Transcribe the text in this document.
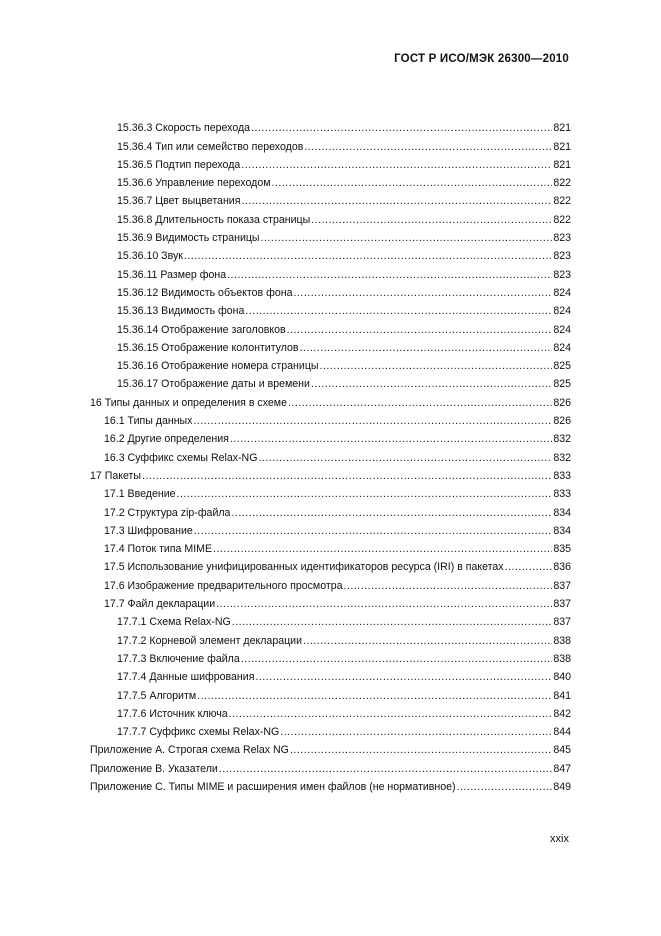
ГОСТ Р ИСО/МЭК 26300—2010
15.36.3 Скорость перехода .....	821
15.36.4 Тип или семейство переходов .....	821
15.36.5 Подтип перехода .....	821
15.36.6 Управление переходом .....	822
15.36.7 Цвет выцветания .....	822
15.36.8 Длительность показа страницы .....	822
15.36.9 Видимость страницы .....	823
15.36.10 Звук .....	823
15.36.11 Размер фона .....	823
15.36.12 Видимость объектов фона .....	824
15.36.13 Видимость фона .....	824
15.36.14 Отображение заголовков .....	824
15.36.15 Отображение колонтитулов .....	824
15.36.16 Отображение номера страницы .....	825
15.36.17 Отображение даты и времени .....	825
16 Типы данных и определения в схеме .....	826
16.1 Типы данных .....	826
16.2 Другие определения .....	832
16.3 Суффикс схемы Relax-NG .....	832
17 Пакеты .....	833
17.1 Введение .....	833
17.2 Структура zip-файла .....	834
17.3 Шифрование .....	834
17.4 Поток типа MIME .....	835
17.5 Использование унифицированных идентификаторов ресурса (IRI) в пакетах .....	836
17.6 Изображение предварительного просмотра .....	837
17.7 Файл декларации .....	837
17.7.1 Схема Relax-NG .....	837
17.7.2 Корневой элемент декларации .....	838
17.7.3 Включение файла .....	838
17.7.4 Данные шифрования .....	840
17.7.5 Алгоритм .....	841
17.7.6 Источник ключа .....	842
17.7.7 Суффикс схемы Relax-NG .....	844
Приложение А. Строгая схема Relax NG .....	845
Приложение В. Указатели .....	847
Приложение С. Типы MIME и расширения имен файлов (не нормативное) .....	849
xxix
